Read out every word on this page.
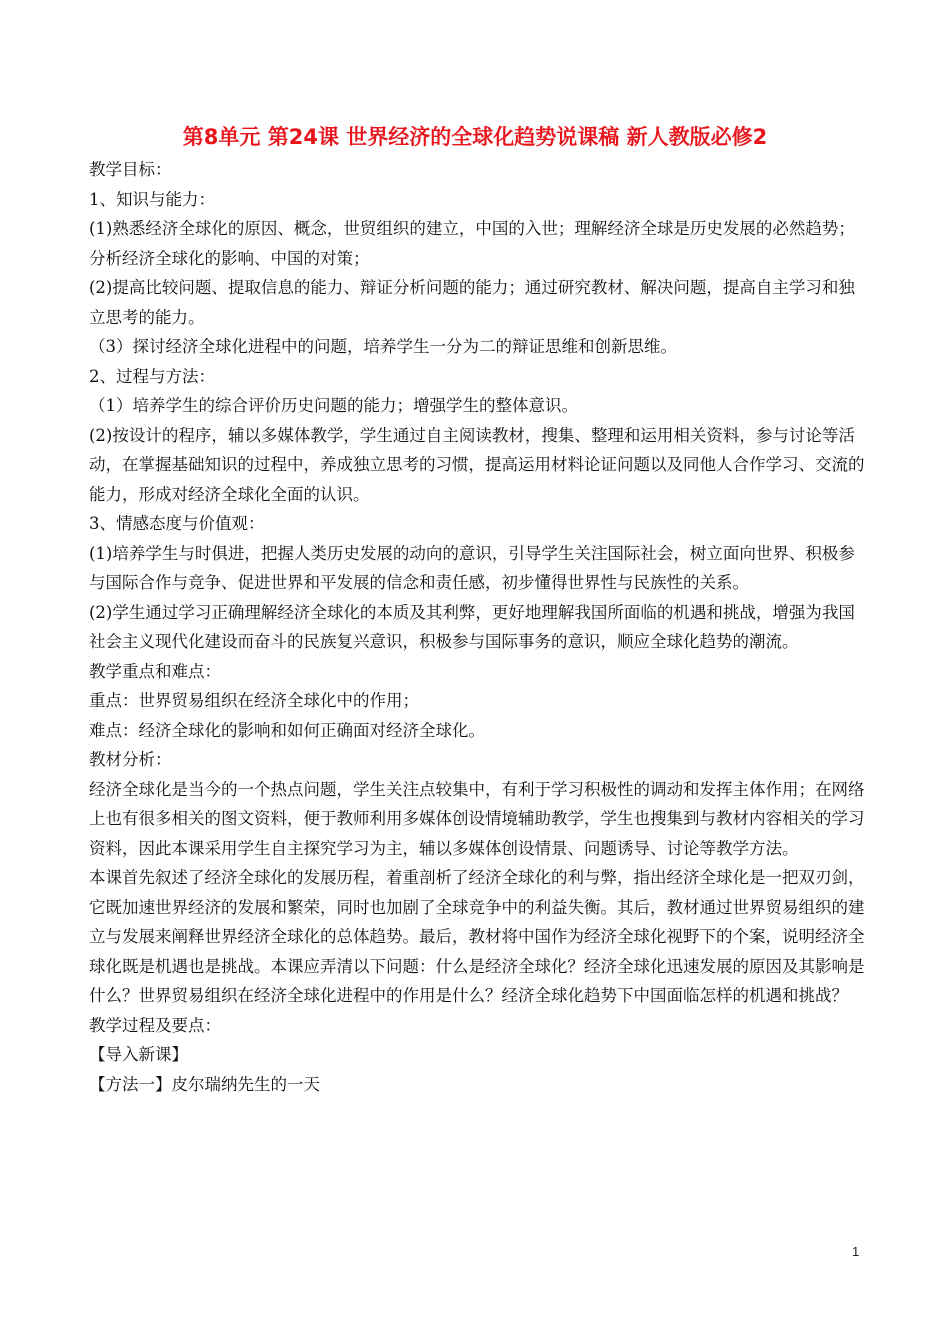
第8单元 第24课 世界经济的全球化趋势说课稿 新人教版必修2

教学目标：

1、知识与能力：

(1)熟悉经济全球化的原因、概念，世贸组织的建立，中国的入世；理解经济全球是历史发展的必然趋势；分析经济全球化的影响、中国的对策；

(2)提高比较问题、提取信息的能力、辩证分析问题的能力；通过研究教材、解决问题，提高自主学习和独立思考的能力。

（3）探讨经济全球化进程中的问题，培养学生一分为二的辩证思维和创新思维。

2、过程与方法：

（1）培养学生的综合评价历史问题的能力；增强学生的整体意识。

(2)按设计的程序，辅以多媒体教学，学生通过自主阅读教材，搜集、整理和运用相关资料，参与讨论等活动，在掌握基础知识的过程中，养成独立思考的习惯，提高运用材料论证问题以及同他人合作学习、交流的能力，形成对经济全球化全面的认识。

3、情感态度与价值观：

(1)培养学生与时俱进，把握人类历史发展的动向的意识，引导学生关注国际社会，树立面向世界、积极参与国际合作与竞争、促进世界和平发展的信念和责任感，初步懂得世界性与民族性的关系。

(2)学生通过学习正确理解经济全球化的本质及其利弊，更好地理解我国所面临的机遇和挑战，增强为我国社会主义现代化建设而奋斗的民族复兴意识，积极参与国际事务的意识，顺应全球化趋势的潮流。

教学重点和难点：

重点：世界贸易组织在经济全球化中的作用；

难点：经济全球化的影响和如何正确面对经济全球化。

教材分析：

经济全球化是当今的一个热点问题，学生关注点较集中，有利于学习积极性的调动和发挥主体作用；在网络上也有很多相关的图文资料，便于教师利用多媒体创设情境辅助教学，学生也搜集到与教材内容相关的学习资料，因此本课采用学生自主探究学习为主，辅以多媒体创设情景、问题诱导、讨论等教学方法。

本课首先叙述了经济全球化的发展历程，着重剖析了经济全球化的利与弊，指出经济全球化是一把双刃剑，它既加速世界经济的发展和繁荣，同时也加剧了全球竞争中的利益失衡。其后，教材通过世界贸易组织的建立与发展来阐释世界经济全球化的总体趋势。最后，教材将中国作为经济全球化视野下的个案，说明经济全球化既是机遇也是挑战。本课应弄清以下问题：什么是经济全球化？经济全球化迅速发展的原因及其影响是什么？世界贸易组织在经济全球化进程中的作用是什么？经济全球化趋势下中国面临怎样的机遇和挑战？

教学过程及要点：

【导入新课】

【方法一】皮尔瑞纳先生的一天

1
